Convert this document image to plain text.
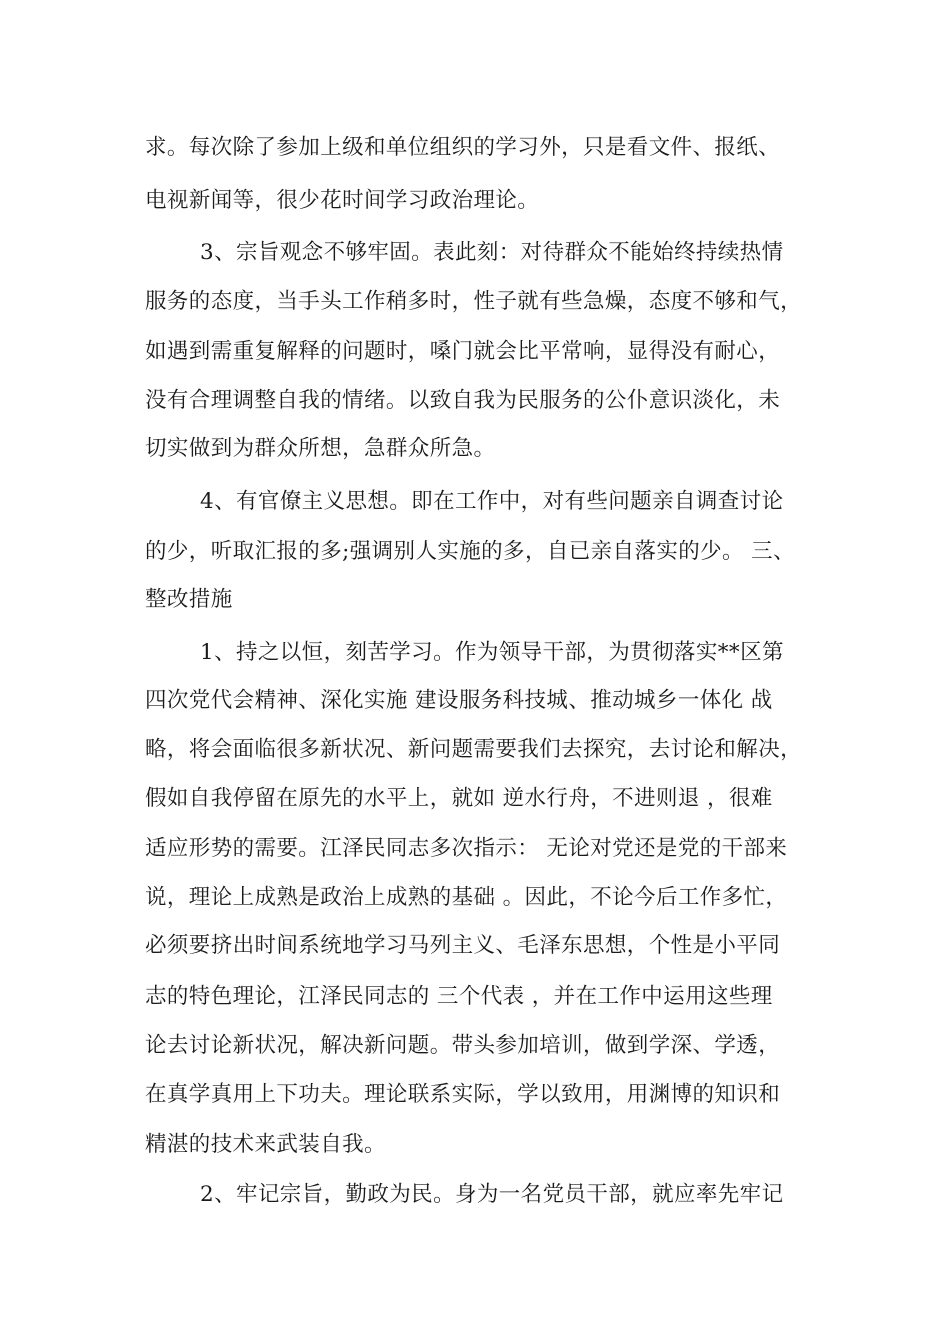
求。每次除了参加上级和单位组织的学习外，只是看文件、报纸、

电视新闻等，很少花时间学习政治理论。

3、宗旨观念不够牢固。表此刻：对待群众不能始终持续热情

服务的态度，当手头工作稍多时，性子就有些急燥，态度不够和气，

如遇到需重复解释的问题时，嗓门就会比平常响，显得没有耐心，

没有合理调整自我的情绪。以致自我为民服务的公仆意识淡化，未

切实做到为群众所想，急群众所急。

4、有官僚主义思想。即在工作中，对有些问题亲自调查讨论

的少，听取汇报的多;强调别人实施的多，自已亲自落实的少。 三、

整改措施

1、持之以恒，刻苦学习。作为领导干部，为贯彻落实**区第

四次党代会精神、深化实施 建设服务科技城、推动城乡一体化 战

略，将会面临很多新状况、新问题需要我们去探究，去讨论和解决，

假如自我停留在原先的水平上，就如 逆水行舟，不进则退 ，很难

适应形势的需要。江泽民同志多次指示： 无论对党还是党的干部来

说，理论上成熟是政治上成熟的基础 。因此，不论今后工作多忙，

必须要挤出时间系统地学习马列主义、毛泽东思想，个性是小平同

志的特色理论，江泽民同志的 三个代表 ，并在工作中运用这些理

论去讨论新状况，解决新问题。带头参加培训，做到学深、学透，

在真学真用上下功夫。理论联系实际，学以致用，用渊博的知识和

精湛的技术来武装自我。

2、牢记宗旨，勤政为民。身为一名党员干部，就应率先牢记
